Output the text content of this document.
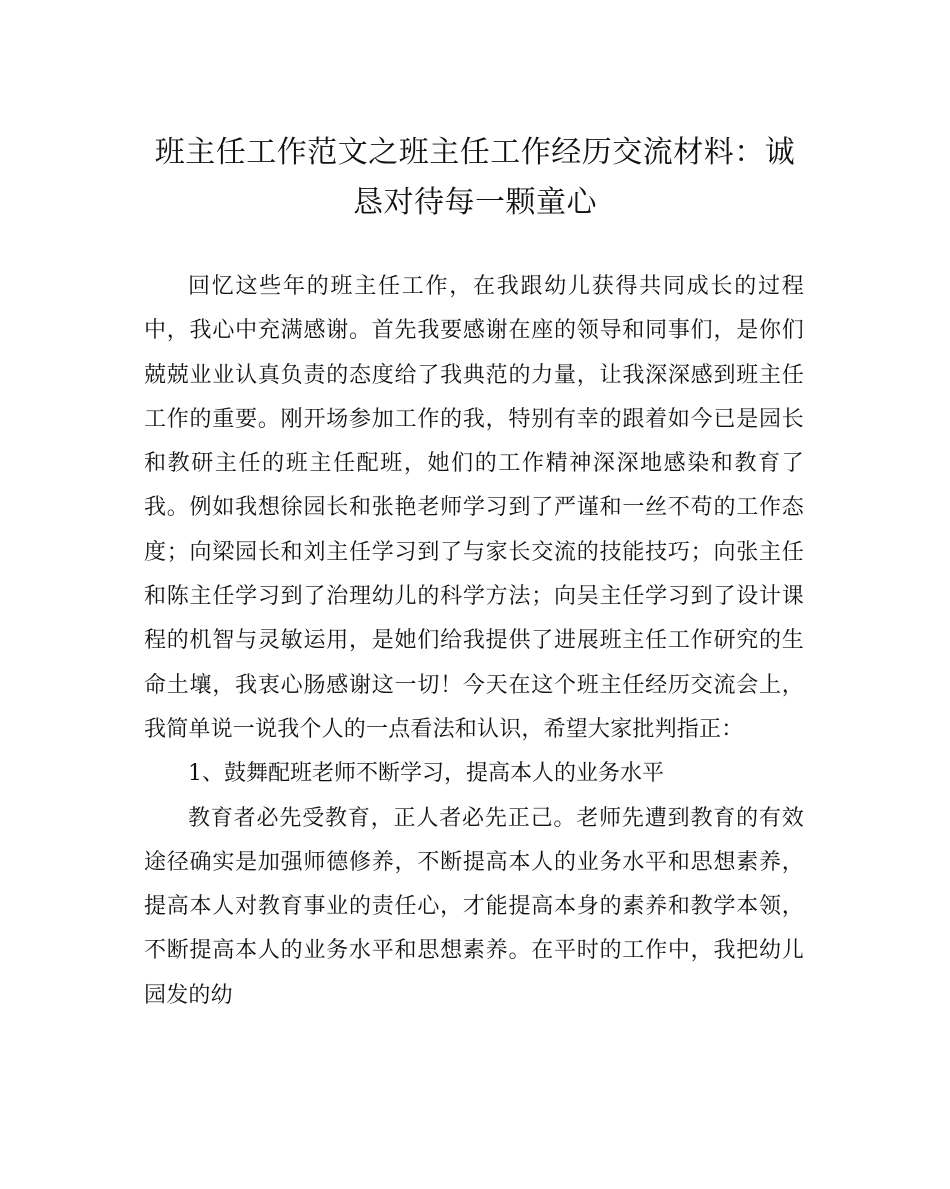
班主任工作范文之班主任工作经历交流材料：诚恳对待每一颗童心

回忆这些年的班主任工作，在我跟幼儿获得共同成长的过程中，我心中充满感谢。首先我要感谢在座的领导和同事们，是你们兢兢业业认真负责的态度给了我典范的力量，让我深深感到班主任工作的重要。刚开场参加工作的我，特别有幸的跟着如今已是园长和教研主任的班主任配班，她们的工作精神深深地感染和教育了我。例如我想徐园长和张艳老师学习到了严谨和一丝不苟的工作态度；向梁园长和刘主任学习到了与家长交流的技能技巧；向张主任和陈主任学习到了治理幼儿的科学方法；向吴主任学习到了设计课程的机智与灵敏运用，是她们给我提供了进展班主任工作研究的生命土壤，我衷心肠感谢这一切！今天在这个班主任经历交流会上，我简单说一说我个人的一点看法和认识，希望大家批判指正：

1、鼓舞配班老师不断学习，提高本人的业务水平

教育者必先受教育，正人者必先正己。老师先遭到教育的有效途径确实是加强师德修养，不断提高本人的业务水平和思想素养，提高本人对教育事业的责任心，才能提高本身的素养和教学本领，不断提高本人的业务水平和思想素养。在平时的工作中，我把幼儿园发的幼
